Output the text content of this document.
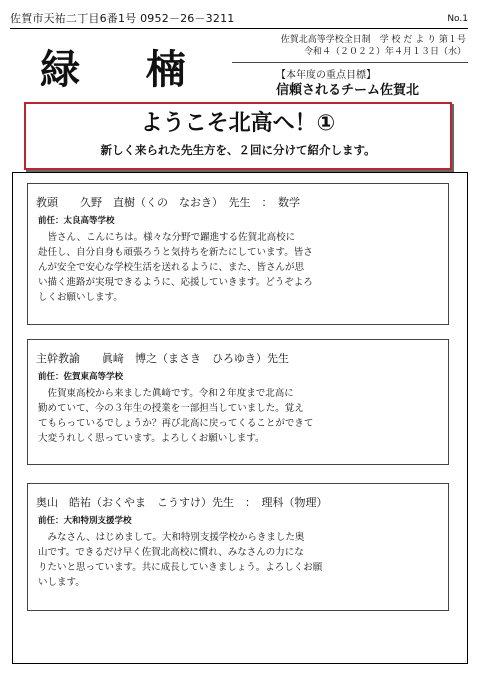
佐賀市天祐二丁目6番1号 0952－26－3211	No.1
緑 楠
佐賀北高等学校全日制　学 校 だ よ り 第１号
令和４（２０２２）年４月１３日（水）
【本年度の重点目標】
信頼されるチーム佐賀北
ようこそ北高へ！①
新しく来られた先生方を、２回に分けて紹介します。
教頭　　久野　直樹（くの　なおき）　先生　：　数学
前任：太良高等学校
　皆さん、こんにちは。様々な分野で躍進する佐賀北高校に
赴任し、自分自身も頑張ろうと気持ちを新たにしています。皆さ
んが安全で安心な学校生活を送れるように、また、皆さんが思
い描く進路が実現できるように、応援していきます。どうぞよろ
しくお願いします。
主幹教諭　　眞﨑　博之（まさき　ひろゆき）先生
前任：佐賀東高等学校
　佐賀東高校から来ました眞﨑です。令和２年度まで北高に
勤めていて、今の３年生の授業を一部担当していました。覚え
てもらっているでしょうか？再び北高に戻ってくることができて
大変うれしく思っています。よろしくお願いします。
奥山　皓祐（おくやま　こうすけ）先生　：　理科（物理）
前任：大和特別支援学校
　みなさん、はじめまして。大和特別支援学校からきました奥
山です。できるだけ早く佐賀北高校に慣れ、みなさんの力にな
りたいと思っています。共に成長していきましょう。よろしくお願
いします。
